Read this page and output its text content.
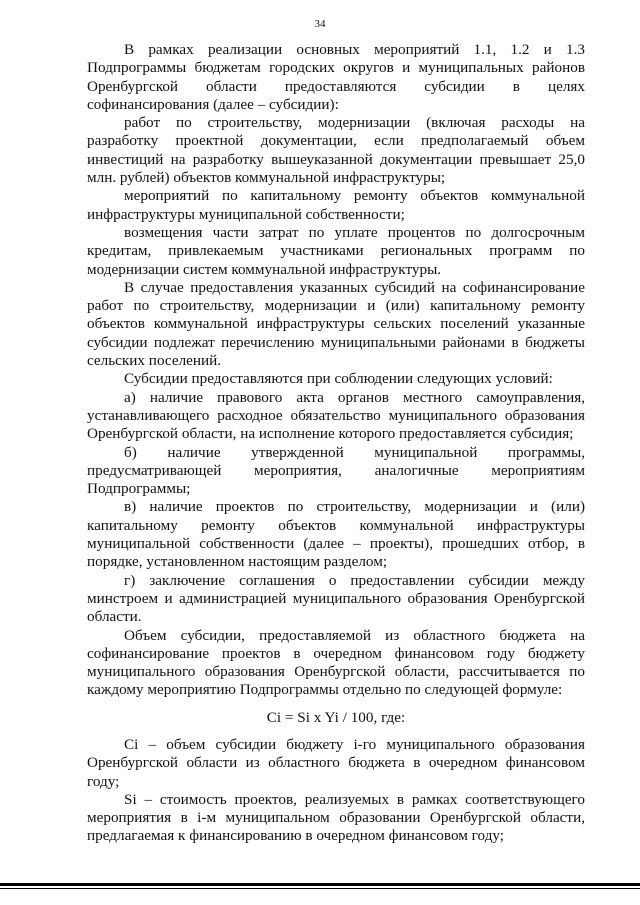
34

В рамках реализации основных мероприятий 1.1, 1.2 и 1.3 Подпрограммы бюджетам городских округов и муниципальных районов Оренбургской области предоставляются субсидии в целях софинансирования (далее – субсидии):

работ по строительству, модернизации (включая расходы на разработку проектной документации, если предполагаемый объем инвестиций на разработку вышеуказанной документации превышает 25,0 млн. рублей) объектов коммунальной инфраструктуры;

мероприятий по капитальному ремонту объектов коммунальной инфраструктуры муниципальной собственности;

возмещения части затрат по уплате процентов по долгосрочным кредитам, привлекаемым участниками региональных программ по модернизации систем коммунальной инфраструктуры.

В случае предоставления указанных субсидий на софинансирование работ по строительству, модернизации и (или) капитальному ремонту объектов коммунальной инфраструктуры сельских поселений указанные субсидии подлежат перечислению муниципальными районами в бюджеты сельских поселений.

Субсидии предоставляются при соблюдении следующих условий:

а) наличие правового акта органов местного самоуправления, устанавливающего расходное обязательство муниципального образования Оренбургской области, на исполнение которого предоставляется субсидия;

б) наличие утвержденной муниципальной программы, предусматривающей мероприятия, аналогичные мероприятиям Подпрограммы;

в) наличие проектов по строительству, модернизации и (или) капитальному ремонту объектов коммунальной инфраструктуры муниципальной собственности (далее – проекты), прошедших отбор, в порядке, установленном настоящим разделом;

г) заключение соглашения о предоставлении субсидии между минстроем и администрацией муниципального образования Оренбургской области.

Объем субсидии, предоставляемой из областного бюджета на софинансирование проектов в очередном финансовом году бюджету муниципального образования Оренбургской области, рассчитывается по каждому мероприятию Подпрограммы отдельно по следующей формуле:

Ci = Si x Yi / 100, где:

Ci – объем субсидии бюджету i-го муниципального образования Оренбургской области из областного бюджета в очередном финансовом году;

Si – стоимость проектов, реализуемых в рамках соответствующего мероприятия в i-м муниципальном образовании Оренбургской области, предлагаемая к финансированию в очередном финансовом году;
